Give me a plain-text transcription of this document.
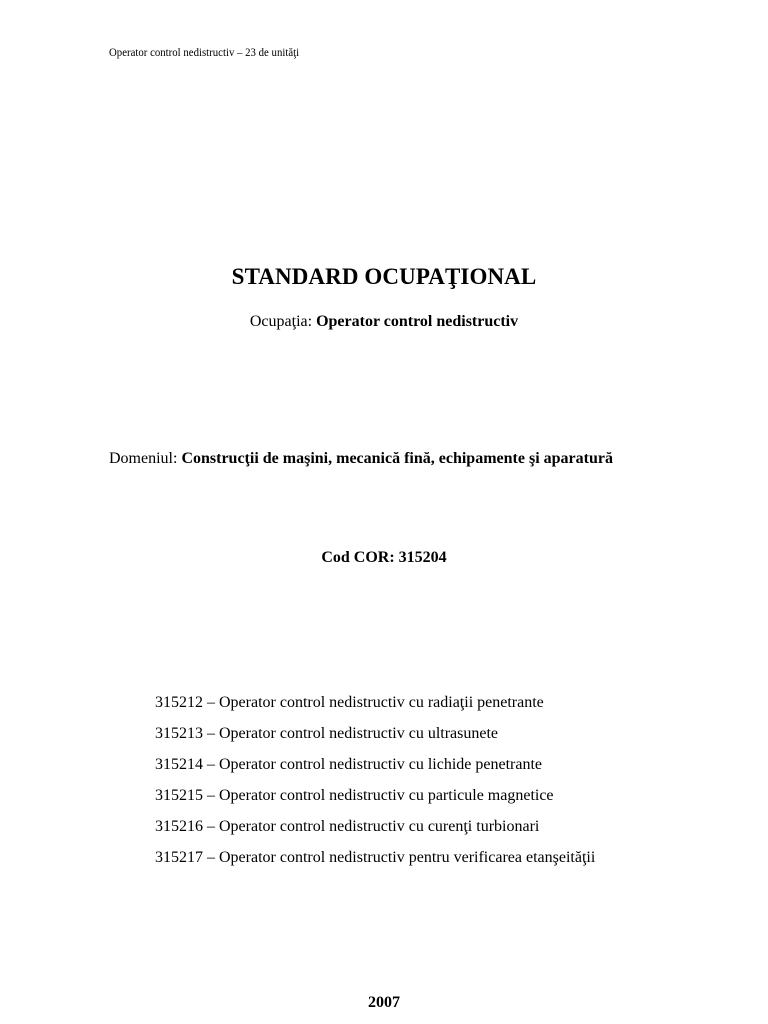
Operator control nedistructiv – 23 de unităţi
STANDARD OCUPAŢIONAL
Ocupaţia: Operator control nedistructiv
Domeniul: Construcţii de maşini, mecanică fină, echipamente şi aparatură
Cod COR: 315204
315212 – Operator control nedistructiv cu radiaţii penetrante
315213 – Operator control nedistructiv cu ultrasunete
315214 – Operator control nedistructiv cu lichide penetrante
315215 – Operator control nedistructiv cu particule magnetice
315216 – Operator control nedistructiv cu curenţi turbionari
315217 – Operator control nedistructiv pentru verificarea etanşeităţii
2007
